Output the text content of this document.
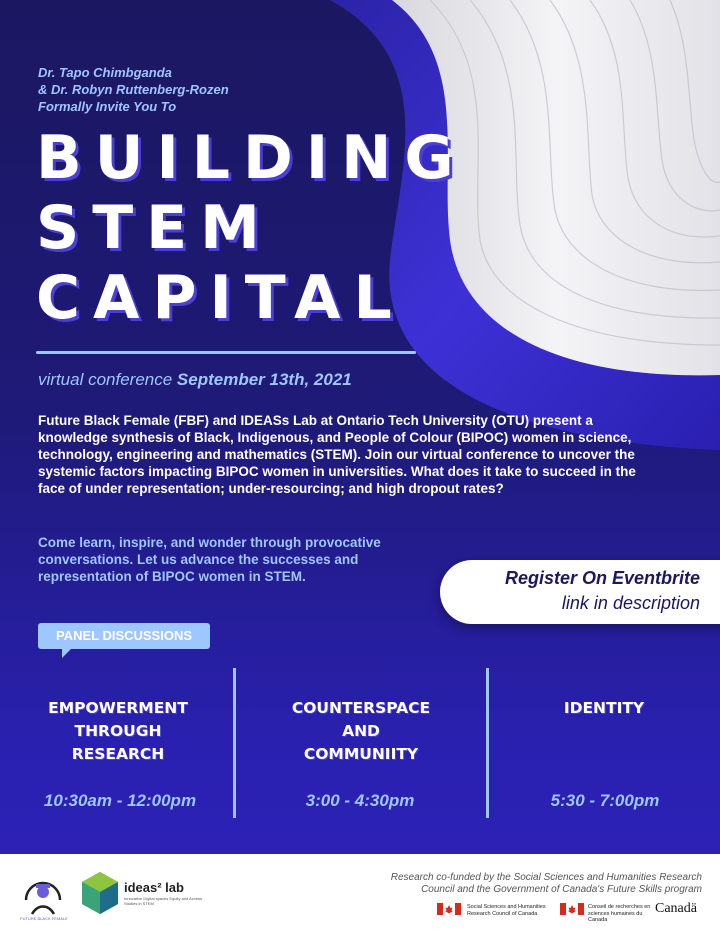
Dr. Tapo Chimbganda
& Dr. Robyn Ruttenberg-Rozen
Formally Invite You To
BUILDING
STEM
CAPITAL
virtual conference September 13th, 2021
Future Black Female (FBF) and IDEASs Lab at Ontario Tech University (OTU) present a knowledge synthesis of Black, Indigenous, and People of Colour (BIPOC) women in science, technology, engineering and mathematics (STEM). Join our virtual conference to uncover the systemic factors impacting BIPOC women in universities. What does it take to succeed in the face of under representation; under-resourcing; and high dropout rates?
Come learn, inspire, and wonder through provocative conversations. Let us advance the successes and representation of BIPOC women in STEM.	Register On Eventbrite
link in description
PANEL DISCUSSIONS
EMPOWERMENT
THROUGH
RESEARCH
10:30am - 12:00pm
COUNTERSPACE
AND
COMMUNIITY
3:00 - 4:30pm
IDENTITY
5:30 - 7:00pm
FUTURE BLACK FEMALE
ideas² lab
Innovative Digital spaces Equity and Access Studies in STEM
Research co-funded by the Social Sciences and Humanities Research
Council and the Government of Canada's Future Skills program
Social Sciences and Humanities
Research Council of Canada
Conseil de recherches en
sciences humaines du Canada
Canadä
